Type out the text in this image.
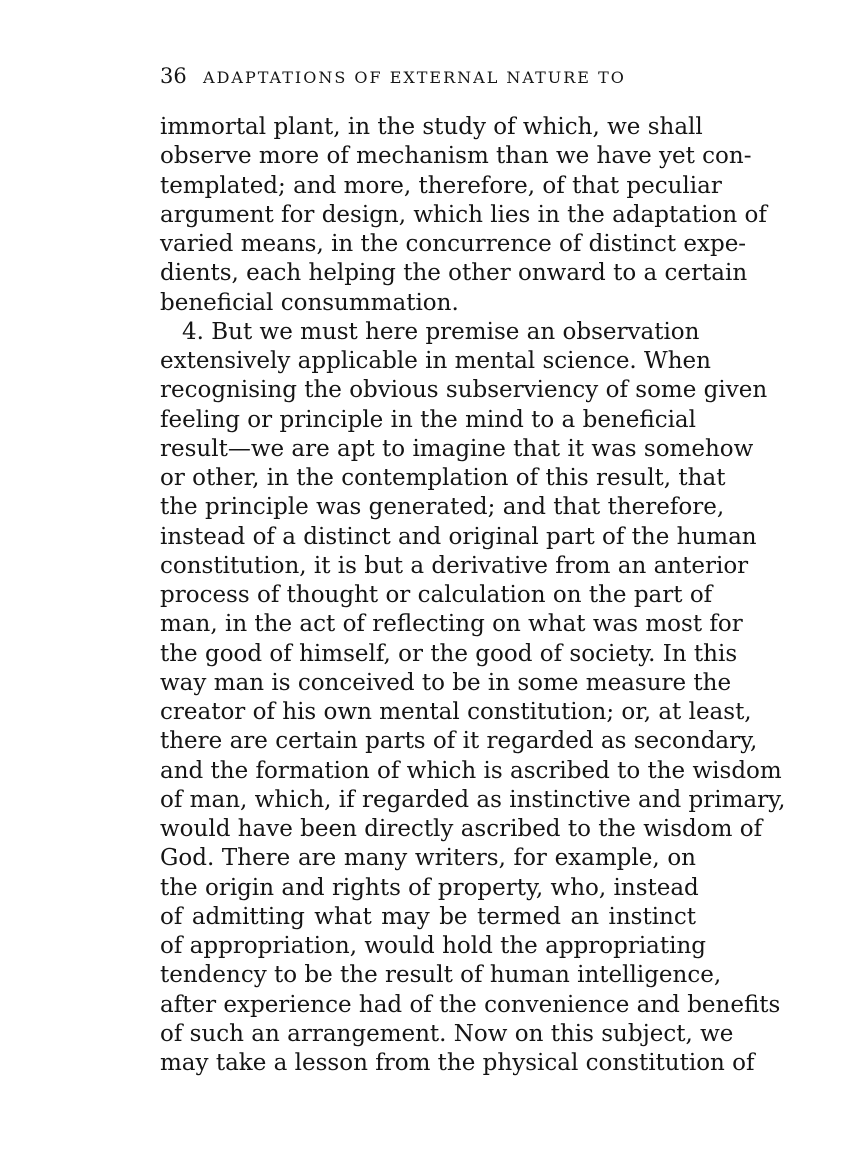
36 ADAPTATIONS OF EXTERNAL NATURE TO
immortal plant, in the study of which, we shall
observe more of mechanism than we have yet con-
templated; and more, therefore, of that peculiar
argument for design, which lies in the adaptation of
varied means, in the concurrence of distinct expe-
dients, each helping the other onward to a certain
beneficial consummation.
4. But we must here premise an observation
extensively applicable in mental science. When
recognising the obvious subserviency of some given
feeling or principle in the mind to a beneficial
result—we are apt to imagine that it was somehow
or other, in the contemplation of this result, that
the principle was generated; and that therefore,
instead of a distinct and original part of the human
constitution, it is but a derivative from an anterior
process of thought or calculation on the part of
man, in the act of reflecting on what was most for
the good of himself, or the good of society. In this
way man is conceived to be in some measure the
creator of his own mental constitution; or, at least,
there are certain parts of it regarded as secondary,
and the formation of which is ascribed to the wisdom
of man, which, if regarded as instinctive and primary,
would have been directly ascribed to the wisdom of
God. There are many writers, for example, on
the origin and rights of property, who, instead
of admitting what may be termed an instinct
of appropriation, would hold the appropriating
tendency to be the result of human intelligence,
after experience had of the convenience and benefits
of such an arrangement. Now on this subject, we
may take a lesson from the physical constitution of
